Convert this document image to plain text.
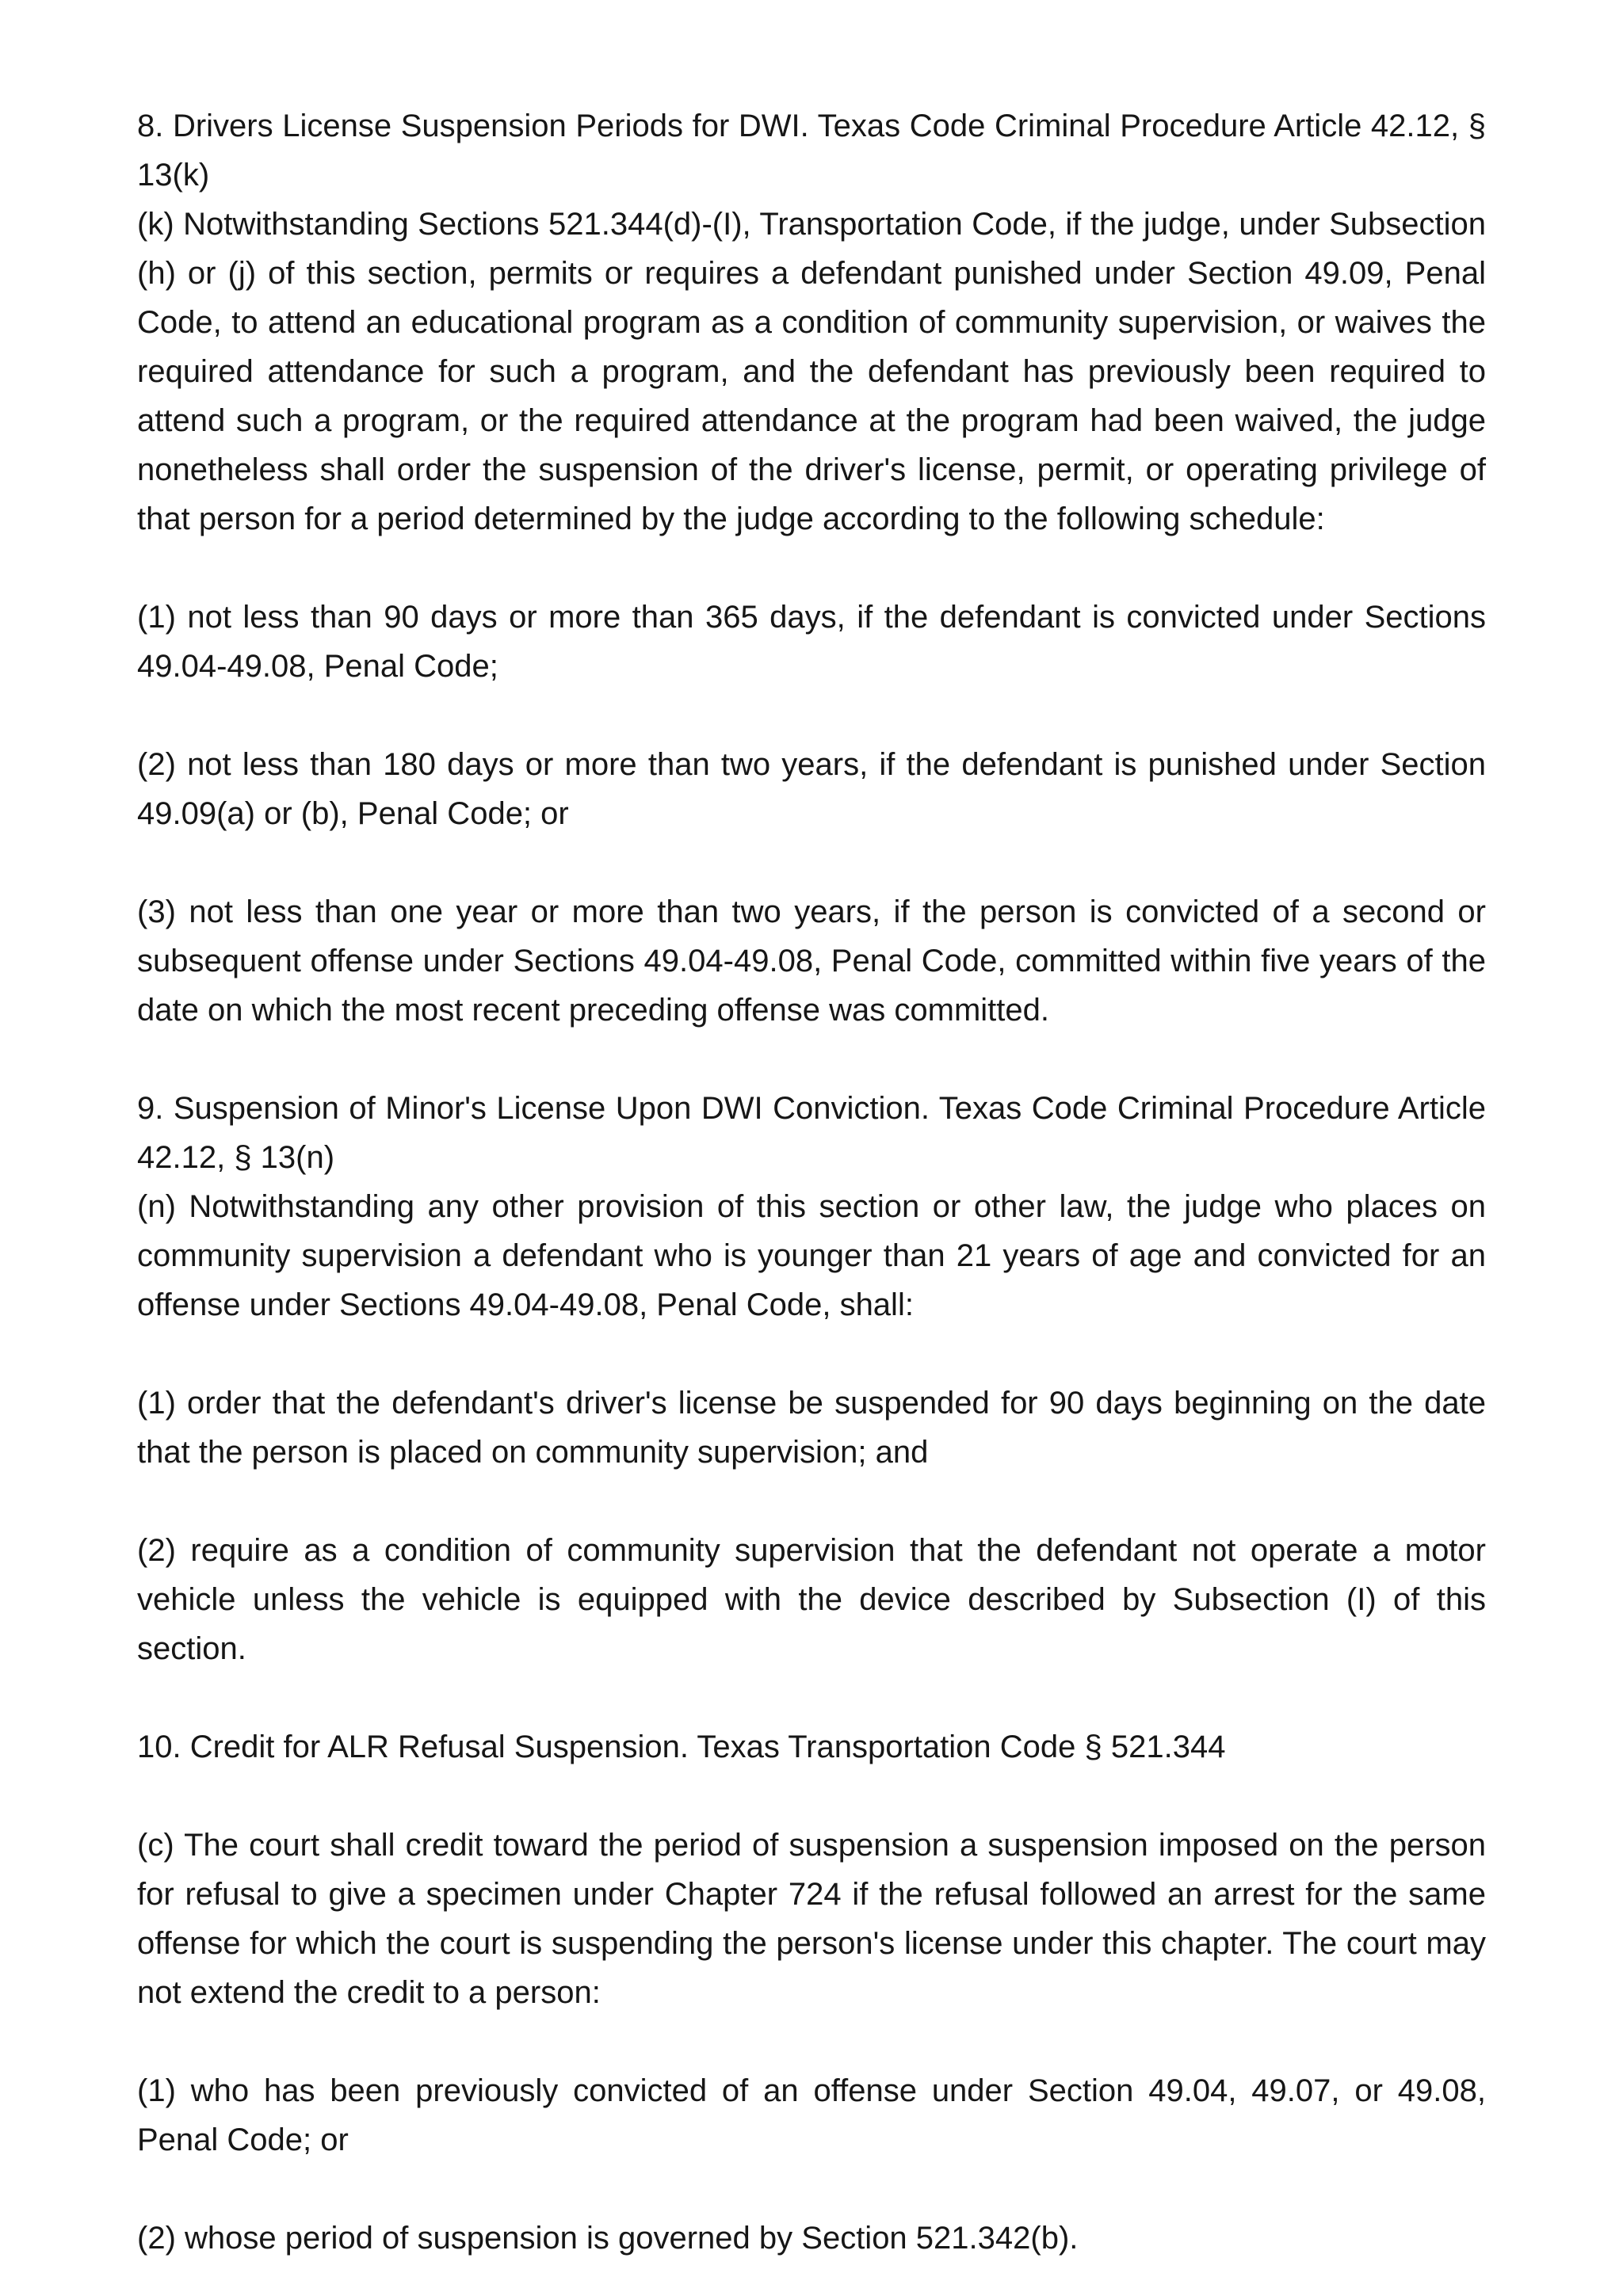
8. Drivers License Suspension Periods for DWI. Texas Code Criminal Procedure Article 42.12, § 13(k)

(k) Notwithstanding Sections 521.344(d)-(I), Transportation Code, if the judge, under Subsection (h) or (j) of this section, permits or requires a defendant punished under Section 49.09, Penal Code, to attend an educational program as a condition of community supervision, or waives the required attendance for such a program, and the defendant has previously been required to attend such a program, or the required attendance at the program had been waived, the judge nonetheless shall order the suspension of the driver's license, permit, or operating privilege of that person for a period determined by the judge according to the following schedule:

(1) not less than 90 days or more than 365 days, if the defendant is convicted under Sections 49.04-49.08, Penal Code;

(2) not less than 180 days or more than two years, if the defendant is punished under Section 49.09(a) or (b), Penal Code; or

(3) not less than one year or more than two years, if the person is convicted of a second or subsequent offense under Sections 49.04-49.08, Penal Code, committed within five years of the date on which the most recent preceding offense was committed.

9. Suspension of Minor's License Upon DWI Conviction. Texas Code Criminal Procedure Article 42.12, § 13(n)

(n) Notwithstanding any other provision of this section or other law, the judge who places on community supervision a defendant who is younger than 21 years of age and convicted for an offense under Sections 49.04-49.08, Penal Code, shall:

(1) order that the defendant's driver's license be suspended for 90 days beginning on the date that the person is placed on community supervision; and

(2) require as a condition of community supervision that the defendant not operate a motor vehicle unless the vehicle is equipped with the device described by Subsection (I) of this section.

10. Credit for ALR Refusal Suspension. Texas Transportation Code § 521.344

(c) The court shall credit toward the period of suspension a suspension imposed on the person for refusal to give a specimen under Chapter 724 if the refusal followed an arrest for the same offense for which the court is suspending the person's license under this chapter. The court may not extend the credit to a person:

(1) who has been previously convicted of an offense under Section 49.04, 49.07, or 49.08, Penal Code; or

(2) whose period of suspension is governed by Section 521.342(b).
